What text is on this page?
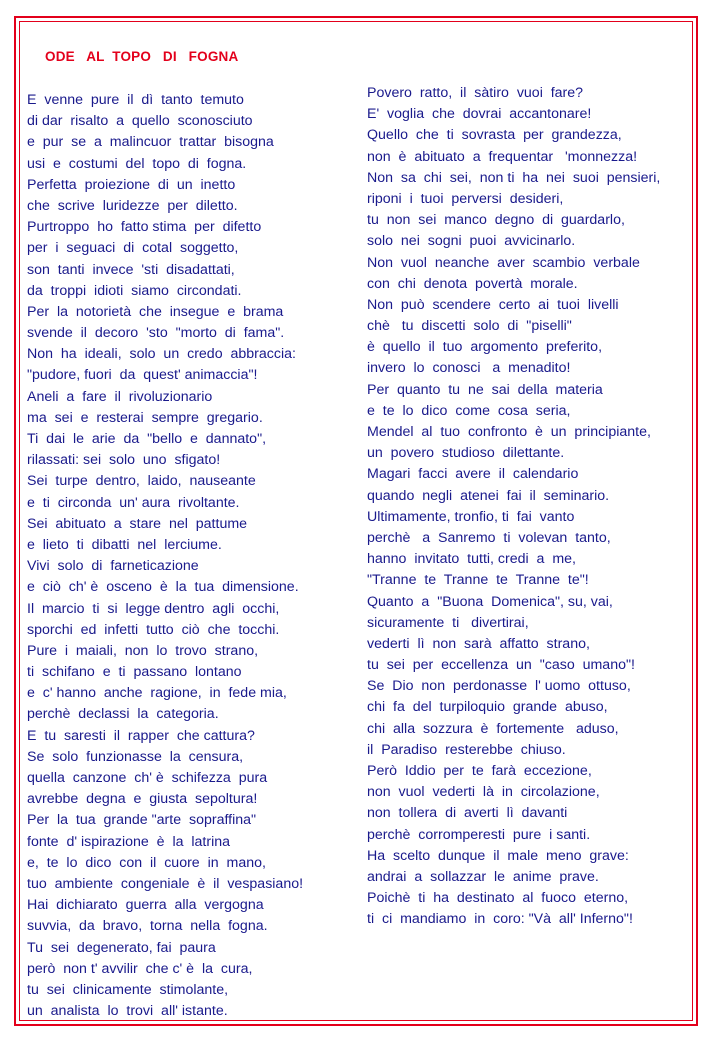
ODE   AL  TOPO   DI   FOGNA
E  venne  pure  il  dì  tanto  temuto
di dar  risalto  a  quello  sconosciuto
e  pur  se  a  malincuor  trattar  bisogna
usi  e  costumi  del  topo  di  fogna.
Perfetta  proiezione  di  un  inetto
che  scrive  luridezze  per  diletto.
Purtroppo  ho  fatto stima  per  difetto
per  i  seguaci  di  cotal  soggetto,
son  tanti  invece  'sti  disadattati,
da  troppi  idioti  siamo  circondati.
Per  la  notorietà  che  insegue  e  brama
svende  il  decoro  'sto  "morto  di  fama".
Non  ha  ideali,  solo  un  credo  abbraccia:
"pudore, fuori  da  quest' animaccia"!
Aneli  a  fare  il  rivoluzionario
ma  sei  e  resterai  sempre  gregario.
Ti  dai  le  arie  da  "bello  e  dannato",
rilassati: sei  solo  uno  sfigato!
Sei  turpe  dentro,  laido,  nauseante
e  ti  circonda  un' aura  rivoltante.
Sei  abituato  a  stare  nel  pattume
e  lieto  ti  dibatti  nel  lerciume.
Vivi  solo  di  farneticazione
e  ciò  ch' è  osceno  è  la  tua  dimensione.
Il  marcio  ti  si  legge dentro  agli  occhi,
sporchi  ed  infetti  tutto  ciò  che  tocchi.
Pure  i  maiali,  non  lo  trovo  strano,
ti  schifano  e  ti  passano  lontano
e  c' hanno  anche  ragione,  in  fede mia,
perchè  declassi  la  categoria.
E  tu  saresti  il  rapper  che cattura?
Se  solo  funzionasse  la  censura,
quella  canzone  ch' è  schifezza  pura
avrebbe  degna  e  giusta  sepoltura!
Per  la  tua  grande "arte  sopraffina"
fonte  d' ispirazione  è  la  latrina
e,  te  lo  dico  con  il  cuore  in  mano,
tuo  ambiente  congeniale  è  il  vespasiano!
Hai  dichiarato  guerra  alla  vergogna
suvvia,  da  bravo,  torna  nella  fogna.
Tu  sei  degenerato, fai  paura
però  non t' avvilir  che c' è  la  cura,
tu  sei  clinicamente  stimolante,
un  analista  lo  trovi  all' istante.
Povero  ratto,  il  sàtiro  vuoi  fare?
E'  voglia  che  dovrai  accantonare!
Quello  che  ti  sovrasta  per  grandezza,
non  è  abituato  a  frequentar   'monnezza!
Non  sa  chi  sei,  non ti  ha  nei  suoi  pensieri,
riponi  i  tuoi  perversi  desideri,
tu  non  sei  manco  degno  di  guardarlo,
solo  nei  sogni  puoi  avvicinarlo.
Non  vuol  neanche  aver  scambio  verbale
con  chi  denota  povertà  morale.
Non  può  scendere  certo  ai  tuoi  livelli
chè   tu  discetti  solo  di  "piselli"
è  quello  il  tuo  argomento  preferito,
invero  lo  conosci   a  menadito!
Per  quanto  tu  ne  sai  della  materia
e  te  lo  dico  come  cosa  seria,
Mendel  al  tuo  confronto  è  un  principiante,
un  povero  studioso  dilettante.
Magari  facci  avere  il  calendario
quando  negli  atenei  fai  il  seminario.
Ultimamente, tronfio, ti  fai  vanto
perchè   a  Sanremo  ti  volevan  tanto,
hanno  invitato  tutti, credi  a  me,
"Tranne  te  Tranne  te  Tranne  te"!
Quanto  a  "Buona  Domenica", su, vai,
sicuramente  ti   divertirai,
vederti  lì  non  sarà  affatto  strano,
tu  sei  per  eccellenza  un  "caso  umano"!
Se  Dio  non  perdonasse  l' uomo  ottuso,
chi  fa  del  turpiloquio  grande  abuso,
chi  alla  sozzura  è  fortemente   aduso,
il  Paradiso  resterebbe  chiuso.
Però  Iddio  per  te  farà  eccezione,
non  vuol  vederti  là  in  circolazione,
non  tollera  di  averti  lì  davanti
perchè  corromperesti  pure  i santi.
Ha  scelto  dunque  il  male  meno  grave:
andrai  a  sollazzar  le  anime  prave.
Poichè  ti  ha  destinato  al  fuoco  eterno,
ti  ci  mandiamo  in  coro: "Và  all' Inferno"!
